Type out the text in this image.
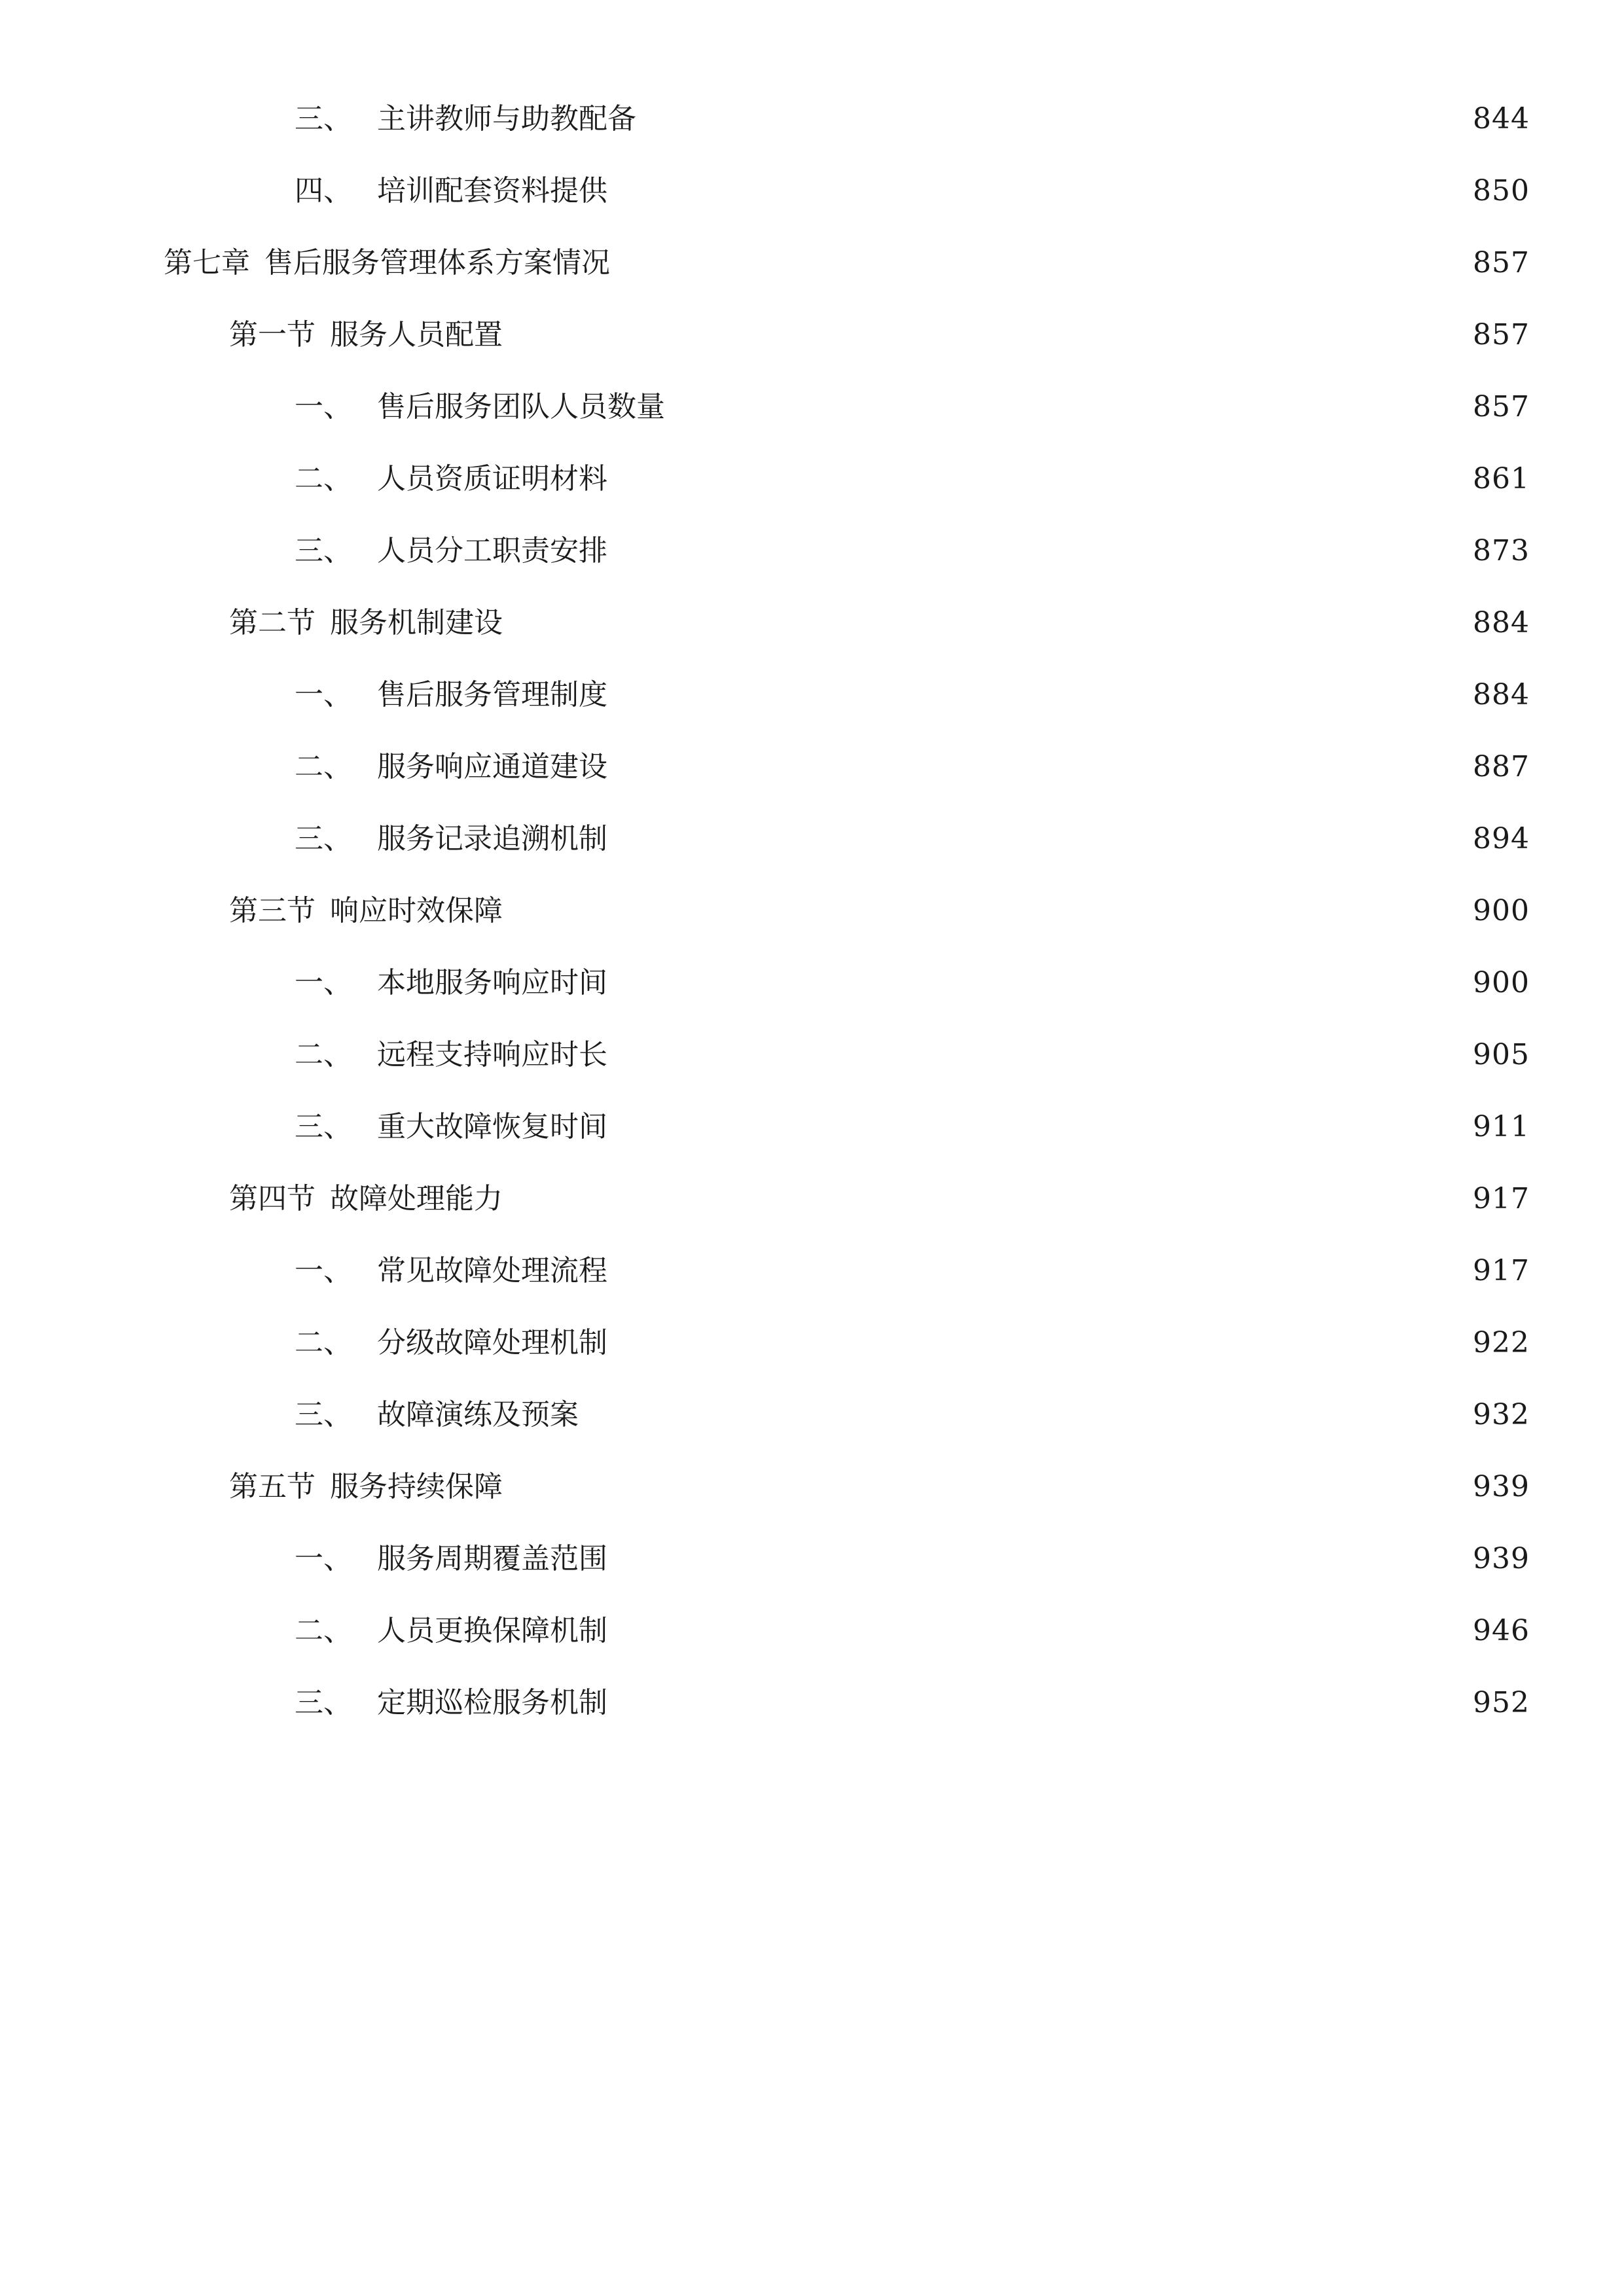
三、 主讲教师与助教配备	844
四、 培训配套资料提供	850
第七章 售后服务管理体系方案情况	857
第一节 服务人员配置	857
一、 售后服务团队人员数量	857
二、 人员资质证明材料	861
三、 人员分工职责安排	873
第二节 服务机制建设	884
一、 售后服务管理制度	884
二、 服务响应通道建设	887
三、 服务记录追溯机制	894
第三节 响应时效保障	900
一、 本地服务响应时间	900
二、 远程支持响应时长	905
三、 重大故障恢复时间	911
第四节 故障处理能力	917
一、 常见故障处理流程	917
二、 分级故障处理机制	922
三、 故障演练及预案	932
第五节 服务持续保障	939
一、 服务周期覆盖范围	939
二、 人员更换保障机制	946
三、 定期巡检服务机制	952
